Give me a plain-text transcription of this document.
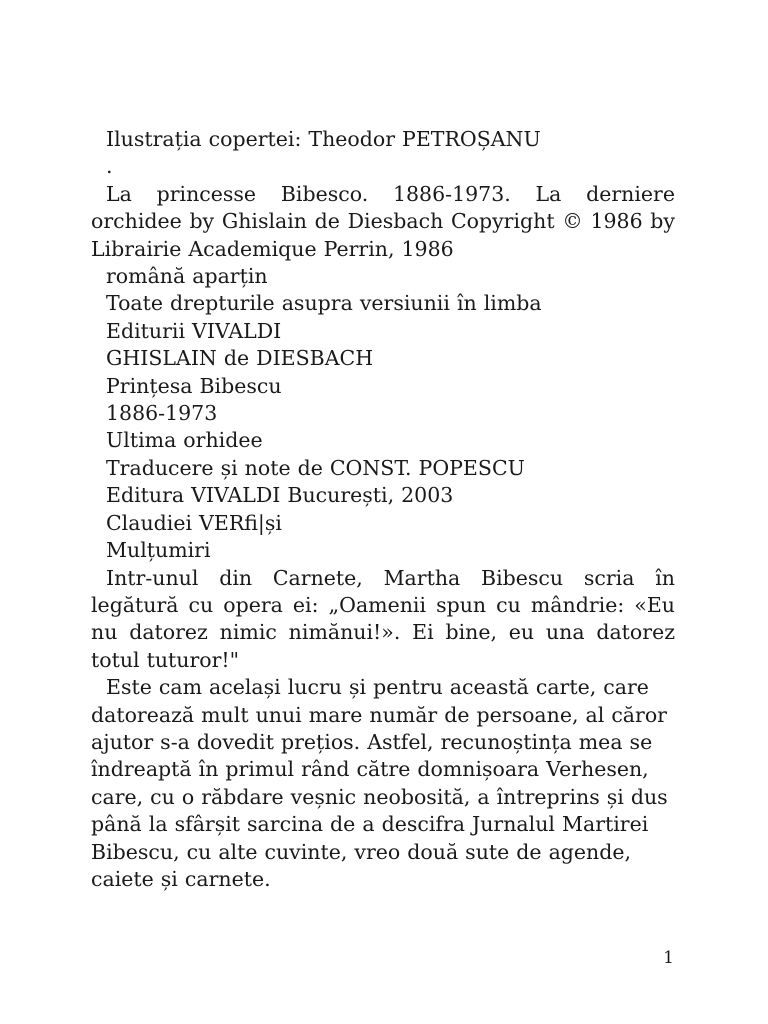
Ilustrația copertei: Theodor PETROȘANU

.

La princesse Bibesco. 1886-1973. La derniere orchidee by Ghislain de Diesbach Copyright © 1986 by Librairie Academique Perrin, 1986

română aparțin

Toate drepturile asupra versiunii în limba

Editurii VIVALDI

GHISLAIN de DIESBACH

Prințesa Bibescu

1886-1973

Ultima orhidee

Traducere și note de CONST. POPESCU

Editura VIVALDI București, 2003

Claudiei VERfi|și

Mulțumiri

Intr-unul din Carnete, Martha Bibescu scria în legătură cu opera ei: „Oamenii spun cu mândrie: «Eu nu datorez nimic nimănui!». Ei bine, eu una datorez totul tuturor!"

Este cam același lucru și pentru această carte, care datorează mult unui mare număr de persoane, al căror ajutor s-a dovedit prețios. Astfel, recunoștința mea se îndreaptă în primul rând către domnișoara Verhesen, care, cu o răbdare veșnic neobosită, a întreprins și dus până la sfârșit sarcina de a descifra Jurnalul Martirei Bibescu, cu alte cuvinte, vreo două sute de agende, caiete și carnete.

1
